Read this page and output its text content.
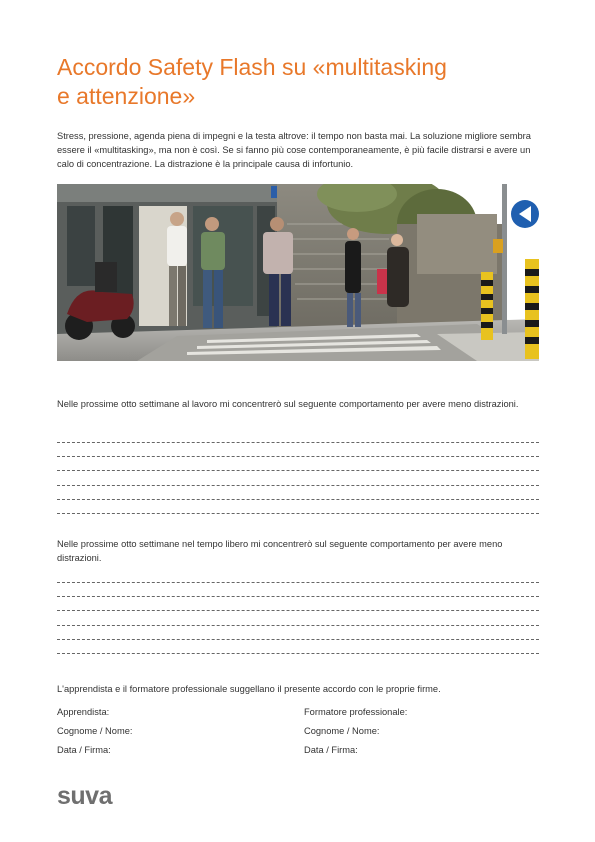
Accordo Safety Flash su «multitasking
e attenzione»
Stress, pressione, agenda piena di impegni e la testa altrove: il tempo non basta mai. La soluzione migliore sembra essere il «multitasking», ma non è così. Se si fanno più cose contemporaneamente, è più facile distrarsi e avere un calo di concentrazione. La distrazione è la principale causa di infortunio.
Nelle prossime otto settimane al lavoro mi concentrerò sul seguente comportamento per avere meno distrazioni.
Nelle prossime otto settimane nel tempo libero mi concentrerò sul seguente comportamento per avere meno distrazioni.
L'apprendista e il formatore professionale suggellano il presente accordo con le proprie firme.
Apprendista:
Cognome / Nome:
Data / Firma:
Formatore professionale:
Cognome / Nome:
Data / Firma:
suva
